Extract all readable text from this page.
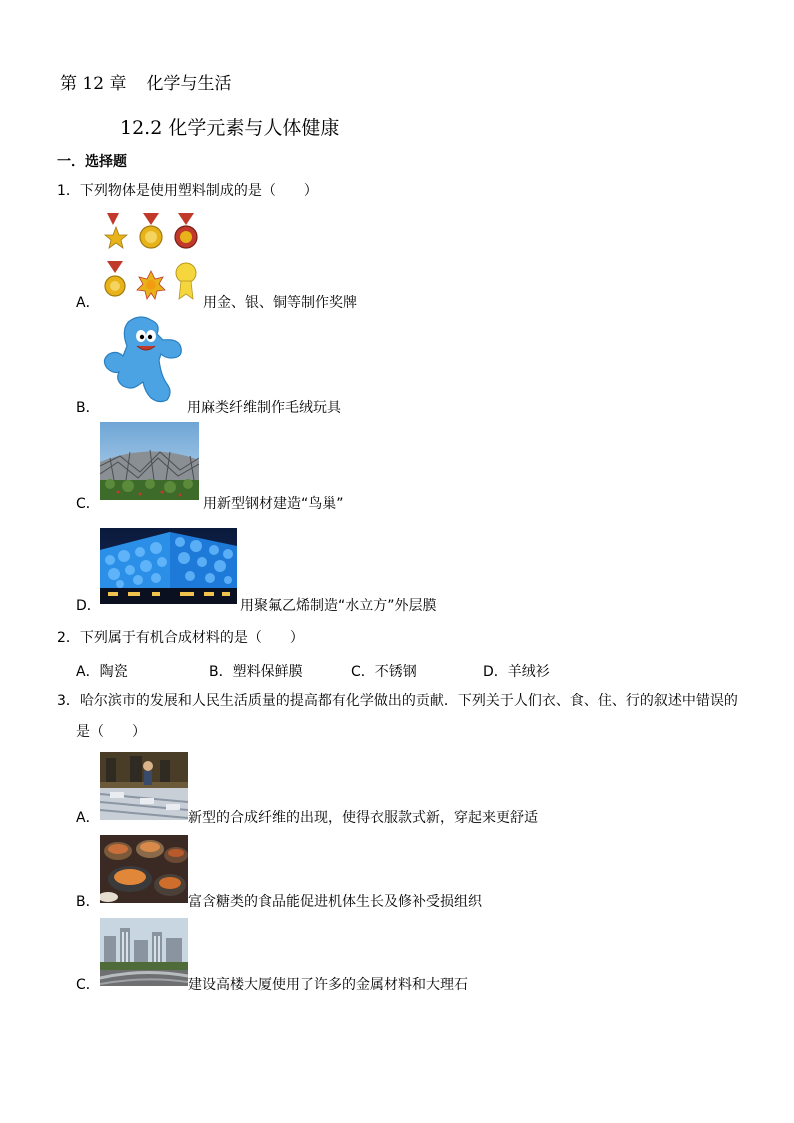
第 12 章 化学与生活
12.2 化学元素与人体健康
一．选择题
1．下列物体是使用塑料制成的是（　　）
A．	用金、银、铜等制作奖牌
B．	用麻类纤维制作毛绒玩具
C．	用新型钢材建造“鸟巢”
D．	用聚氟乙烯制造“水立方”外层膜
2．下列属于有机合成材料的是（　　）
A．陶瓷	B．塑料保鲜膜	C．不锈钢	D．羊绒衫
3．哈尔滨市的发展和人民生活质量的提高都有化学做出的贡献．下列关于人们衣、食、住、行的叙述中错误的
是（　　）
A．	新型的合成纤维的出现，使得衣服款式新，穿起来更舒适
B．	富含糖类的食品能促进机体生长及修补受损组织
C．	建设高楼大厦使用了许多的金属材料和大理石
